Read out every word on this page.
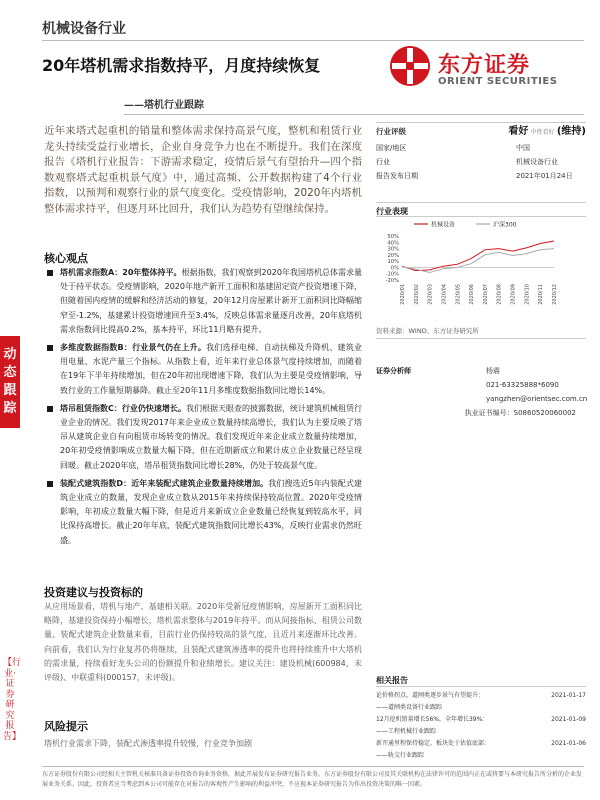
机械设备行业
20年塔机需求指数持平，月度持续恢复
——塔机行业跟踪
东方证券
ORIENT SECURITIES
近年来塔式起重机的销量和整体需求保持高景气度，整机和租赁行业龙头持续受益行业增长，企业自身竞争力也在不断提升。我们在深度报告《塔机行业报告：下游需求稳定，疫情后景气有望抬升—四个指数观察塔式起重机景气度》中，通过高频、公开数据构建了4个行业指数，以预判和观察行业的景气度变化。受疫情影响，2020年内塔机整体需求持平，但逐月环比回升，我们认为趋势有望继续保持。
核心观点
塔机需求指数A：20年整体持平。根据指数，我们观察到2020年我国塔机总体需求量处于持平状态。受疫情影响，2020年地产新开工面积和基建固定资产投资增速下降，但随着国内疫情的缓解和经济活动的修复，20年12月房屋累计新开工面积同比降幅缩窄至-1.2%，基建累计投资增速回升至3.4%，反映总体需求量逐月改善，20年底塔机需求指数同比提高0.2%，基本持平，环比11月略有提升。
多维度数据指数B：行业景气仍在上升。我们选择电梯、自动扶梯及升降机、建筑业用电量、水泥产量三个指标。从指数上看，近年来行业总体景气度持续增加，而随着在19年下半年持续增加，但在20年初出现增速下降，我们认为主要是受疫情影响，导致行业的工作量短期暴降。截止至20年11月多维度数据指数同比增长14%。
塔吊租赁指数C：行业仍快速增长。我们根据天眼查的披露数据，统计建筑机械租赁行业企业的情况。我们发现2017年来企业成立数量持续高增长，我们认为主要反映了塔吊从建筑企业自有向租赁市场转变的情况。我们发现近年来企业成立数量持续增加，20年初受疫情影响成立数量大幅下降，但在近期新成立和累计成立企业数量已经呈现回暖。截止2020年底，塔吊租赁指数同比增长28%，仍处于较高景气度。
装配式建筑指数D：近年来装配式建筑企业数量持续增加。我们搜选近5年内装配式建筑企业成立的数量，发现企业成立数从2015年来持续保持较高位置。2020年受疫情影响，年初成立数量大幅下降，但是近月来新成立企业数量已经恢复到较高水平，同比保持高增长。截止20年年底，装配式建筑指数同比增长43%，反映行业需求仍然旺盛。
投资建议与投资标的
从应用场景看，塔机与地产、基建相关联。2020年受新冠疫情影响，房屋新开工面积同比略降，基建投资保持小幅增长，塔机需求整体与2019年持平。而从间接指标、租赁公司数量、装配式建筑企业数量来看，目前行业仍保持较高的景气度，且近月来逐渐环比改善。向前看，我们认为行业复苏仍将继续，且装配式建筑渗透率的提升也将持续推升中大塔机的需求量，持续看好龙头公司的份额提升和业绩增长。建议关注：建设机械(600984，未评级)、中联重科(000157，未评级)。
风险提示
塔机行业需求下降，装配式渗透率提升较慢，行业竞争加剧
东方证券股份有限公司经相关主管机关核准具备证券投资咨询业务资格，据此开展发布证券研究报告业务。东方证券股份有限公司及其关联机构在法律许可的范围内正在或将要与本研究报告所分析的企业发展业务关系。因此，投资者应当考虑到本公司可能存在对报告的客观性产生影响的利益冲突，不应视本证券研究报告为作出投资决策的唯一因素。
动态跟踪
【行业·证券研究报告】
行业评级	看好 中性看好 (维持)
国家/地区	中国
行业	机械设备行业
报告发布日期	2021年01月24日
行业表现
机械设备	沪深300
50%
40%
30%
20%
10%
0%
-10%
-20%
2020/01 2020/02 2020/03 2020/04 2020/05 2020/06 2020/07 2020/08 2020/09 2020/10 2020/11 2020/12
资料来源：WIND、东方证券研究所
证券分析师	杨震
021-63325888*6090
yangzhen@orientsec.com.cn
执业证书编号：S0860520060002
相关报告
论价格拐点，道闸类逐步景气有望提升：	2021-01-17
——道闸类设备行业跟踪
12月挖机销量增长56%，全年增长39%：	2021-01-09
——工程机械行业跟踪
新开通里程保持稳定，板块处于估值底部：	2021-01-06
——轨交行业跟踪
